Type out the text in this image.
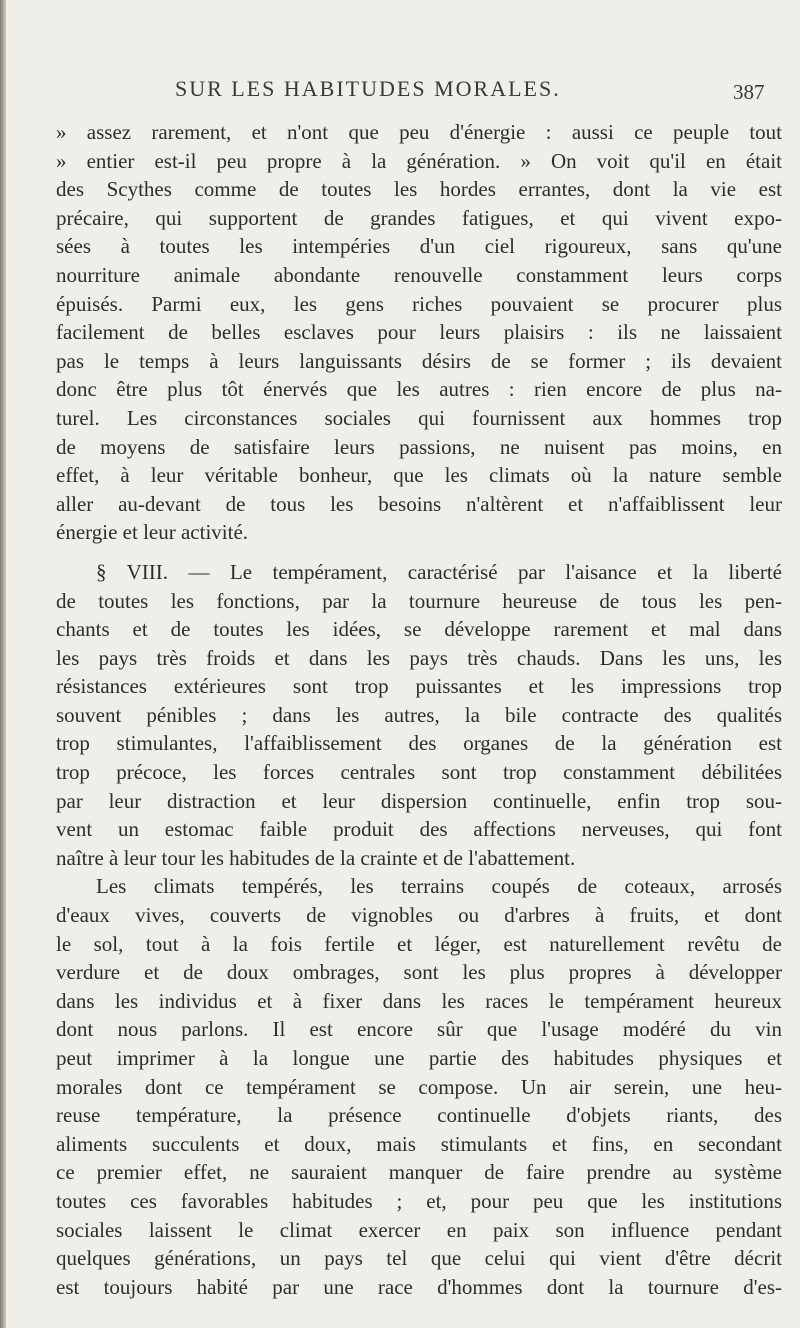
SUR LES HABITUDES MORALES.	387
» assez rarement, et n'ont que peu d'énergie : aussi ce peuple tout
» entier est-il peu propre à la génération. » On voit qu'il en était
des Scythes comme de toutes les hordes errantes, dont la vie est
précaire, qui supportent de grandes fatigues, et qui vivent expo-
sées à toutes les intempéries d'un ciel rigoureux, sans qu'une
nourriture animale abondante renouvelle constamment leurs corps
épuisés. Parmi eux, les gens riches pouvaient se procurer plus
facilement de belles esclaves pour leurs plaisirs : ils ne laissaient
pas le temps à leurs languissants désirs de se former ; ils devaient
donc être plus tôt énervés que les autres : rien encore de plus na-
turel. Les circonstances sociales qui fournissent aux hommes trop
de moyens de satisfaire leurs passions, ne nuisent pas moins, en
effet, à leur véritable bonheur, que les climats où la nature semble
aller au-devant de tous les besoins n'altèrent et n'affaiblissent leur
énergie et leur activité.
§ VIII. — Le tempérament, caractérisé par l'aisance et la liberté
de toutes les fonctions, par la tournure heureuse de tous les pen-
chants et de toutes les idées, se développe rarement et mal dans
les pays très froids et dans les pays très chauds. Dans les uns, les
résistances extérieures sont trop puissantes et les impressions trop
souvent pénibles ; dans les autres, la bile contracte des qualités
trop stimulantes, l'affaiblissement des organes de la génération est
trop précoce, les forces centrales sont trop constamment débilitées
par leur distraction et leur dispersion continuelle, enfin trop sou-
vent un estomac faible produit des affections nerveuses, qui font
naître à leur tour les habitudes de la crainte et de l'abattement.
Les climats tempérés, les terrains coupés de coteaux, arrosés
d'eaux vives, couverts de vignobles ou d'arbres à fruits, et dont
le sol, tout à la fois fertile et léger, est naturellement revêtu de
verdure et de doux ombrages, sont les plus propres à développer
dans les individus et à fixer dans les races le tempérament heureux
dont nous parlons. Il est encore sûr que l'usage modéré du vin
peut imprimer à la longue une partie des habitudes physiques et
morales dont ce tempérament se compose. Un air serein, une heu-
reuse température, la présence continuelle d'objets riants, des
aliments succulents et doux, mais stimulants et fins, en secondant
ce premier effet, ne sauraient manquer de faire prendre au système
toutes ces favorables habitudes ; et, pour peu que les institutions
sociales laissent le climat exercer en paix son influence pendant
quelques générations, un pays tel que celui qui vient d'être décrit
est toujours habité par une race d'hommes dont la tournure d'es-
